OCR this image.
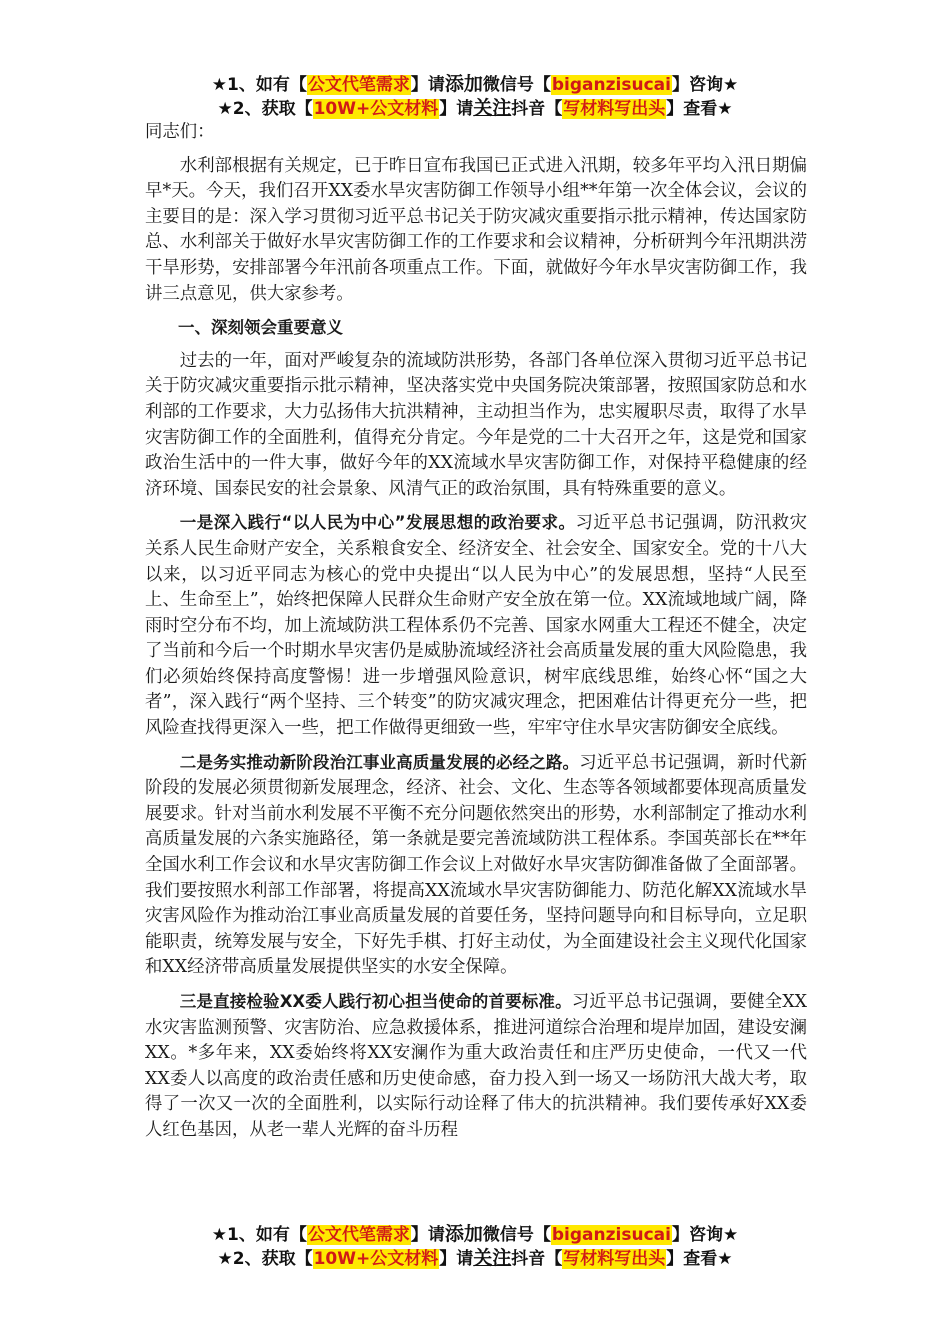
★1、如有【公文代笔需求】请添加微信号【biganzisucai】咨询★
★2、获取【10W+公文材料】请关注抖音【写材料写出头】查看★

同志们：

水利部根据有关规定，已于昨日宣布我国已正式进入汛期，较多年平均入汛日期偏早*天。今天，我们召开XX委水旱灾害防御工作领导小组**年第一次全体会议，会议的主要目的是：深入学习贯彻习近平总书记关于防灾减灾重要指示批示精神，传达国家防总、水利部关于做好水旱灾害防御工作的工作要求和会议精神，分析研判今年汛期洪涝干旱形势，安排部署今年汛前各项重点工作。下面，就做好今年水旱灾害防御工作，我讲三点意见，供大家参考。

一、深刻领会重要意义

过去的一年，面对严峻复杂的流域防洪形势，各部门各单位深入贯彻习近平总书记关于防灾减灾重要指示批示精神，坚决落实党中央国务院决策部署，按照国家防总和水利部的工作要求，大力弘扬伟大抗洪精神，主动担当作为，忠实履职尽责，取得了水旱灾害防御工作的全面胜利，值得充分肯定。今年是党的二十大召开之年，这是党和国家政治生活中的一件大事，做好今年的XX流域水旱灾害防御工作，对保持平稳健康的经济环境、国泰民安的社会景象、风清气正的政治氛围，具有特殊重要的意义。

一是深入践行“以人民为中心”发展思想的政治要求。习近平总书记强调，防汛救灾关系人民生命财产安全，关系粮食安全、经济安全、社会安全、国家安全。党的十八大以来，以习近平同志为核心的党中央提出“以人民为中心”的发展思想，坚持“人民至上、生命至上”，始终把保障人民群众生命财产安全放在第一位。XX流域地域广阔，降雨时空分布不均，加上流域防洪工程体系仍不完善、国家水网重大工程还不健全，决定了当前和今后一个时期水旱灾害仍是威胁流域经济社会高质量发展的重大风险隐患，我们必须始终保持高度警惕！进一步增强风险意识，树牢底线思维，始终心怀“国之大者”，深入践行“两个坚持、三个转变”的防灾减灾理念，把困难估计得更充分一些，把风险查找得更深入一些，把工作做得更细致一些，牢牢守住水旱灾害防御安全底线。

二是务实推动新阶段治江事业高质量发展的必经之路。习近平总书记强调，新时代新阶段的发展必须贯彻新发展理念，经济、社会、文化、生态等各领域都要体现高质量发展要求。针对当前水利发展不平衡不充分问题依然突出的形势，水利部制定了推动水利高质量发展的六条实施路径，第一条就是要完善流域防洪工程体系。李国英部长在**年全国水利工作会议和水旱灾害防御工作会议上对做好水旱灾害防御准备做了全面部署。我们要按照水利部工作部署，将提高XX流域水旱灾害防御能力、防范化解XX流域水旱灾害风险作为推动治江事业高质量发展的首要任务，坚持问题导向和目标导向，立足职能职责，统筹发展与安全，下好先手棋、打好主动仗，为全面建设社会主义现代化国家和XX经济带高质量发展提供坚实的水安全保障。

三是直接检验XX委人践行初心担当使命的首要标准。习近平总书记强调，要健全XX水灾害监测预警、灾害防治、应急救援体系，推进河道综合治理和堤岸加固，建设安澜XX。*多年来，XX委始终将XX安澜作为重大政治责任和庄严历史使命，一代又一代XX委人以高度的政治责任感和历史使命感，奋力投入到一场又一场防汛大战大考，取得了一次又一次的全面胜利，以实际行动诠释了伟大的抗洪精神。我们要传承好XX委人红色基因，从老一辈人光辉的奋斗历程

★1、如有【公文代笔需求】请添加微信号【biganzisucai】咨询★
★2、获取【10W+公文材料】请关注抖音【写材料写出头】查看★
